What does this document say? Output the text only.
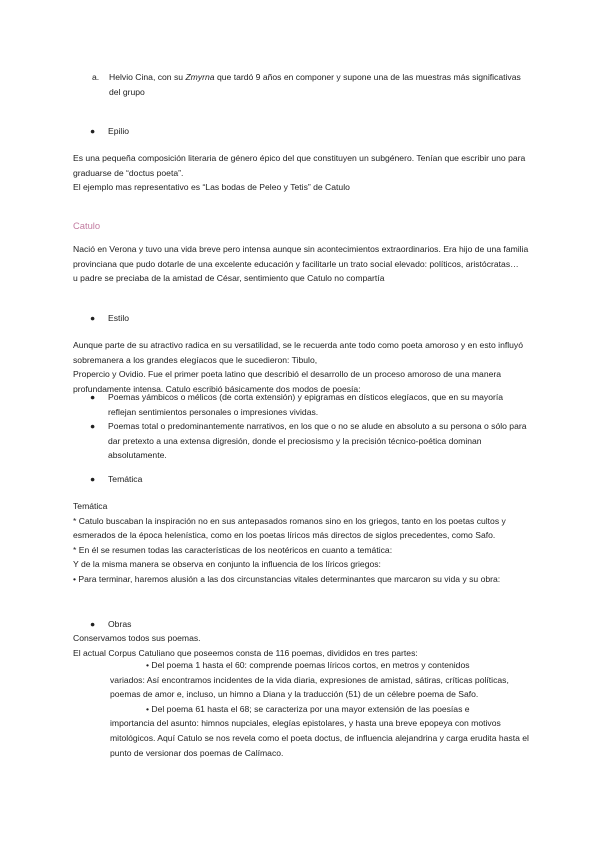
a. Helvio Cina, con su Zmyrna que tardó 9 años en componer y supone una de las muestras más significativas del grupo
● Epilio

Es una pequeña composición literaria de género épico del que constituyen un subgénero. Tenían que escribir uno para graduarse de “doctus poeta”.

El ejemplo mas representativo es “Las bodas de Peleo y Tetis” de Catulo

Catulo

Nació en Verona y tuvo una vida breve pero intensa aunque sin acontecimientos extraordinarios. Era hijo de una familia provinciana que pudo dotarle de una excelente educación y facilitarle un trato social elevado: políticos, aristócratas…

u padre se preciaba de la amistad de César, sentimiento que Catulo no compartía

● Estilo

Aunque parte de su atractivo radica en su versatilidad, se le recuerda ante todo como poeta amoroso y en esto influyó sobremanera a los grandes elegíacos que le sucedieron: Tibulo,

Propercio y Ovidio. Fue el primer poeta latino que describió el desarrollo de un proceso amoroso de una manera profundamente intensa. Catulo escribió básicamente dos modos de poesía:

● Poemas yámbicos o mélicos (de corta extensión) y epigramas en dísticos elegíacos, que en su mayoría reflejan sentimientos personales o impresiones vividas.
● Poemas total o predominantemente narrativos, en los que o no se alude en absoluto a su persona o sólo para dar pretexto a una extensa digresión, donde el preciosismo y la precisión técnico-poética dominan absolutamente.
● Temática

Temática

* Catulo buscaban la inspiración no en sus antepasados romanos sino en los griegos, tanto en los poetas cultos y esmerados de la época helenística, como en los poetas líricos más directos de siglos precedentes, como Safo.

* En él se resumen todas las características de los neotéricos en cuanto a temática:

Y de la misma manera se observa en conjunto la influencia de los líricos griegos:

• Para terminar, haremos alusión a las dos circunstancias vitales determinantes que marcaron su vida y su obra:

● Obras

Conservamos todos sus poemas.

El actual Corpus Catuliano que poseemos consta de 116 poemas, divididos en tres partes:

• Del poema 1 hasta el 60: comprende poemas líricos cortos, en metros y contenidos

variados: Así encontramos incidentes de la vida diaria, expresiones de amistad, sátiras, críticas políticas, poemas de amor e, incluso, un himno a Diana y la traducción (51) de un célebre poema de Safo.

• Del poema 61 hasta el 68; se caracteriza por una mayor extensión de las poesías e

importancia del asunto: himnos nupciales, elegías epistolares, y hasta una breve epopeya con motivos mitológicos. Aquí Catulo se nos revela como el poeta doctus, de influencia alejandrina y carga erudita hasta el punto de versionar dos poemas de Calímaco.
